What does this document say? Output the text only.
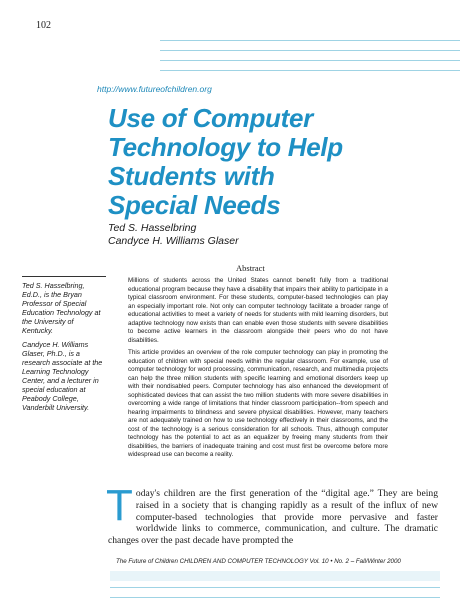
102
http://www.futureofchildren.org
Use of Computer
Technology to Help
Students with
Special Needs
Ted S. Hasselbring
Candyce H. Williams Glaser
Abstract

Millions of students across the United States cannot benefit fully from a traditional educational program because they have a disability that impairs their ability to participate in a typical classroom environment. For these students, computer-based technologies can play an especially important role. Not only can computer technology facilitate a broader range of educational activities to meet a variety of needs for students with mild learning disorders, but adaptive technology now exists than can enable even those students with severe disabilities to become active learners in the classroom alongside their peers who do not have disabilities.

This article provides an overview of the role computer technology can play in promoting the education of children with special needs within the regular classroom. For example, use of computer technology for word processing, communication, research, and multimedia projects can help the three million students with specific learning and emotional disorders keep up with their nondisabled peers. Computer technology has also enhanced the development of sophisticated devices that can assist the two million students with more severe disabilities in overcoming a wide range of limitations that hinder classroom participation--from speech and hearing impairments to blindness and severe physical disabilities. However, many teachers are not adequately trained on how to use technology effectively in their classrooms, and the cost of the technology is a serious consideration for all schools. Thus, although computer technology has the potential to act as an equalizer by freeing many students from their disabilities, the barriers of inadequate training and cost must first be overcome before more widespread use can become a reality.

Ted S. Hasselbring, Ed.D., is the Bryan Professor of Special Education Technology at the University of Kentucky.

Candyce H. Williams Glaser, Ph.D., is a research associate at the Learning Technology Center, and a lecturer in special education at Peabody College, Vanderbilt University.

Today's children are the first generation of the “digital age.” They are being raised in a society that is changing rapidly as a result of the influx of new computer-based technologies that provide more pervasive and faster worldwide links to commerce, communication, and culture. The dramatic changes over the past decade have prompted the
The Future of Children CHILDREN AND COMPUTER TECHNOLOGY Vol. 10 • No. 2 – Fall/Winter 2000
